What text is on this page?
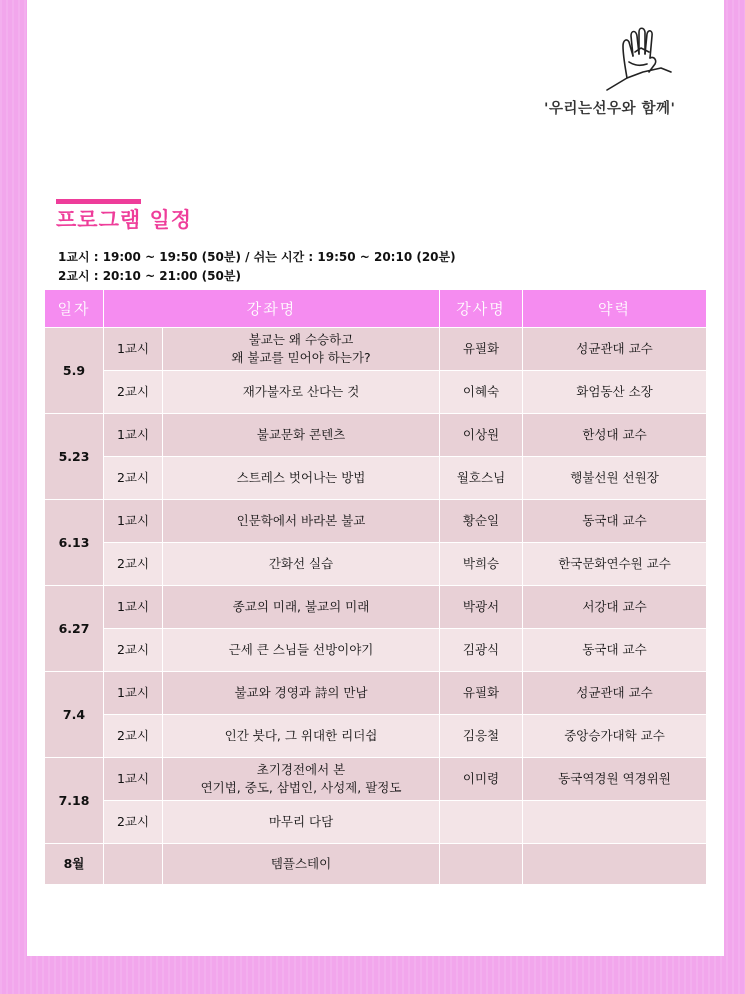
'우리는선우와 함께'
프로그램 일정
1교시 : 19:00 ~ 19:50 (50분) / 쉬는 시간 : 19:50 ~ 20:10 (20분)
2교시 : 20:10 ~ 21:00 (50분)
일자	강좌명		강사명	약력
5.9	1교시	불교는 왜 수승하고
왜 불교를 믿어야 하는가?	유필화	성균관대 교수
	2교시	재가불자로 산다는 것	이혜숙	화엄동산 소장
5.23	1교시	불교문화 콘텐츠	이상원	한성대 교수
	2교시	스트레스 벗어나는 방법	월호스님	행불선원 선원장
6.13	1교시	인문학에서 바라본 불교	황순일	동국대 교수
	2교시	간화선 실습	박희승	한국문화연수원 교수
6.27	1교시	종교의 미래, 불교의 미래	박광서	서강대 교수
	2교시	근세 큰 스님들 선방이야기	김광식	동국대 교수
7.4	1교시	불교와 경영과 詩의 만남	유필화	성균관대 교수
	2교시	인간 붓다, 그 위대한 리더쉽	김응철	중앙승가대학 교수
7.18	1교시	초기경전에서 본
연기법, 중도, 삼법인, 사성제, 팔정도	이미령	동국역경원 역경위원
	2교시	마무리 다담		
8월		템플스테이		
